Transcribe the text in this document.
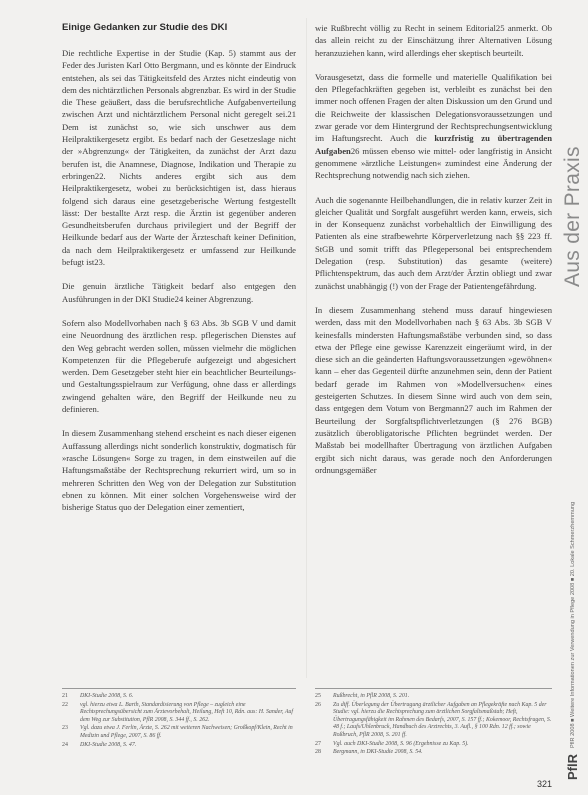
Einige Gedanken zur Studie des DKI

Die rechtliche Expertise in der Studie (Kap. 5) stammt aus der Feder des Juristen Karl Otto Bergmann, und es könnte der Eindruck entstehen, als sei das Tätigkeitsfeld des Arztes nicht eindeutig von dem des nichtärztlichen Personals abgrenzbar. Es wird in der Studie die These geäußert, dass die berufsrechtliche Aufgabenverteilung zwischen Arzt und nichtärztlichem Personal nicht geregelt sei.21 Dem ist zunächst so, wie sich unschwer aus dem Heilpraktikergesetz ergibt. Es bedarf nach der Gesetzeslage nicht der »Abgrenzung« der Tätigkeiten, da zunächst der Arzt dazu berufen ist, die Anamnese, Diagnose, Indikation und Therapie zu erbringen22. Nichts anderes ergibt sich aus dem Heilpraktikergesetz, wobei zu berücksichtigen ist, dass hieraus folgend sich daraus eine gesetzgeberische Wertung festgestellt lässt: Der bestallte Arzt resp. die Ärztin ist gegenüber anderen Gesundheitsberufen durchaus privilegiert und der Begriff der Heilkunde bedarf aus der Warte der Ärzteschaft keiner Definition, da nach dem Heilpraktikergesetz er umfassend zur Heilkunde befugt ist23.

Die genuin ärztliche Tätigkeit bedarf also entgegen den Ausführungen in der DKI Studie24 keiner Abgrenzung.

Sofern also Modellvorhaben nach § 63 Abs. 3b SGB V und damit eine Neuordnung des ärztlichen resp. pflegerischen Dienstes auf den Weg gebracht werden sollen, müssen vielmehr die möglichen Kompetenzen für die Pflegeberufe aufgezeigt und abgesichert werden. Dem Gesetzgeber steht hier ein beachtlicher Beurteilungs- und Gestaltungsspielraum zur Verfügung, ohne dass er allerdings zwingend gehalten wäre, den Begriff der Heilkunde neu zu definieren.

In diesem Zusammenhang stehend erscheint es nach dieser eigenen Auffassung allerdings nicht sonderlich konstruktiv, dogmatisch für »rasche Lösungen« Sorge zu tragen, in dem einstweilen auf die Haftungsmaßstäbe der Rechtsprechung rekurriert wird, um so in mehreren Schritten den Weg von der Delegation zur Substitution ebnen zu können. Mit einer solchen Vorgehensweise wird der bisherige Status quo der Delegation einer zementiert,

wie Rußbrecht völlig zu Recht in seinem Editorial25 anmerkt. Ob das allein reicht zu der Einschätzung ihrer Alternativen Lösung heranzuziehen kann, wird allerdings eher skeptisch beurteilt.

Vorausgesetzt, dass die formelle und materielle Qualifikation bei den Pflegefachkräften gegeben ist, verbleibt es zunächst bei den immer noch offenen Fragen der alten Diskussion um den Grund und die Reichweite der klassischen Delegationsvoraussetzungen und zwar gerade vor dem Hintergrund der Rechtsprechungsentwicklung im Haftungsrecht. Auch die kurzfristig zu übertragenden Aufgaben26 müssen ebenso wie mittel- oder langfristig in Ansicht genommene »ärztliche Leistungen« zumindest eine Änderung der Rechtsprechung notwendig nach sich ziehen.

Auch die sogenannte Heilbehandlungen, die in relativ kurzer Zeit in gleicher Qualität und Sorgfalt ausgeführt werden kann, erweis, sich in der Konsequenz zunächst vorbehaltlich der Einwilligung des Patienten als eine strafbewehrte Körperverletzung nach §§ 223 ff. StGB und somit trifft das Pflegepersonal bei entsprechendem Delegation (resp. Substitution) das gesamte (weitere) Pflichtenspektrum, das auch dem Arzt/der Ärztin obliegt und zwar zunächst unabhängig (!) von der Frage der Patientengefährdung.

In diesem Zusammenhang stehend muss darauf hingewiesen werden, dass mit den Modellvorhaben nach § 63 Abs. 3b SGB V keinesfalls mindersten Haftungsmaßstäbe verbunden sind, so dass etwa der Pflege eine gewisse Karenzzeit eingeräumt wird, in der diese sich an die geänderten Haftungsvoraussetzungen »gewöhnen« kann – eher das Gegenteil dürfte anzunehmen sein, denn der Patient bedarf gerade im Rahmen von »Modellversuchen« eines gesteigerten Schutzes. In diesem Sinne wird auch von dem sein, dass entgegen dem Votum von Bergmann27 auch im Rahmen der Beurteilung der Sorgfaltspflichtverletzungen (§ 276 BGB) zusätzlich überobligatorische Pflichten begründet werden. Der Maßstab bei modellhafter Übertragung von ärztlichen Aufgaben ergibt sich nicht daraus, was gerade noch den Anforderungen ordnungsgemäßer

21	DKI-Studie 2008, S. 6.
22	vgl. hierzu etwa L. Barth, Standardisierung von Pflege – zugleich eine Rechtsprechungsübersicht zum Ärztevorbehalt, Heilung, Heft 10, Rdn. aus: H. Sander, Auf dem Weg zur Substitution, PflR 2008, S. 344 ff., S. 262.
23	Vgl. dazu etwa J. Ferlin, Ärzte, S. 262 mit weiteren Nachweisen; Großkopf/Klein, Recht in Medizin und Pflege, 2007, S. 86 ff.
24	DKI-Studie 2008, S. 47.
25	Rußbrecht, in PflR 2008, S. 201.
26	Zu diff. Überlegung der Übertragung ärztlicher Aufgaben an Pflegekräfte nach Kap. 5 der Studie: vgl. hierzu die Rechtsprechung zum ärztlichen Sorgfaltsmaßstab; Heft, Übertragungsfähigkeit im Rahmen des Bedarfs, 2007, S. 157 ff.; Kokemoor, Rechtsfragen, S. 48 f.; Laufs/Uhlenbruck, Handbuch des Arztrechts, 3. Aufl., § 100 Rdn. 12 ff.; sowie Roßbruch, PflR 2008, S. 201 ff.
27	Vgl. auch DKI-Studie 2008, S. 96 (Ergebnisse zu Kap. 5).
28	Bergmann, in DKI-Studie 2008, S. 54.
Aus der Praxis
PflR 2008 ■ Weitere Informationen zur Verwendung in Pflege 2008 ■ 20. Lokale Schmerzhemmung
PflR
321
